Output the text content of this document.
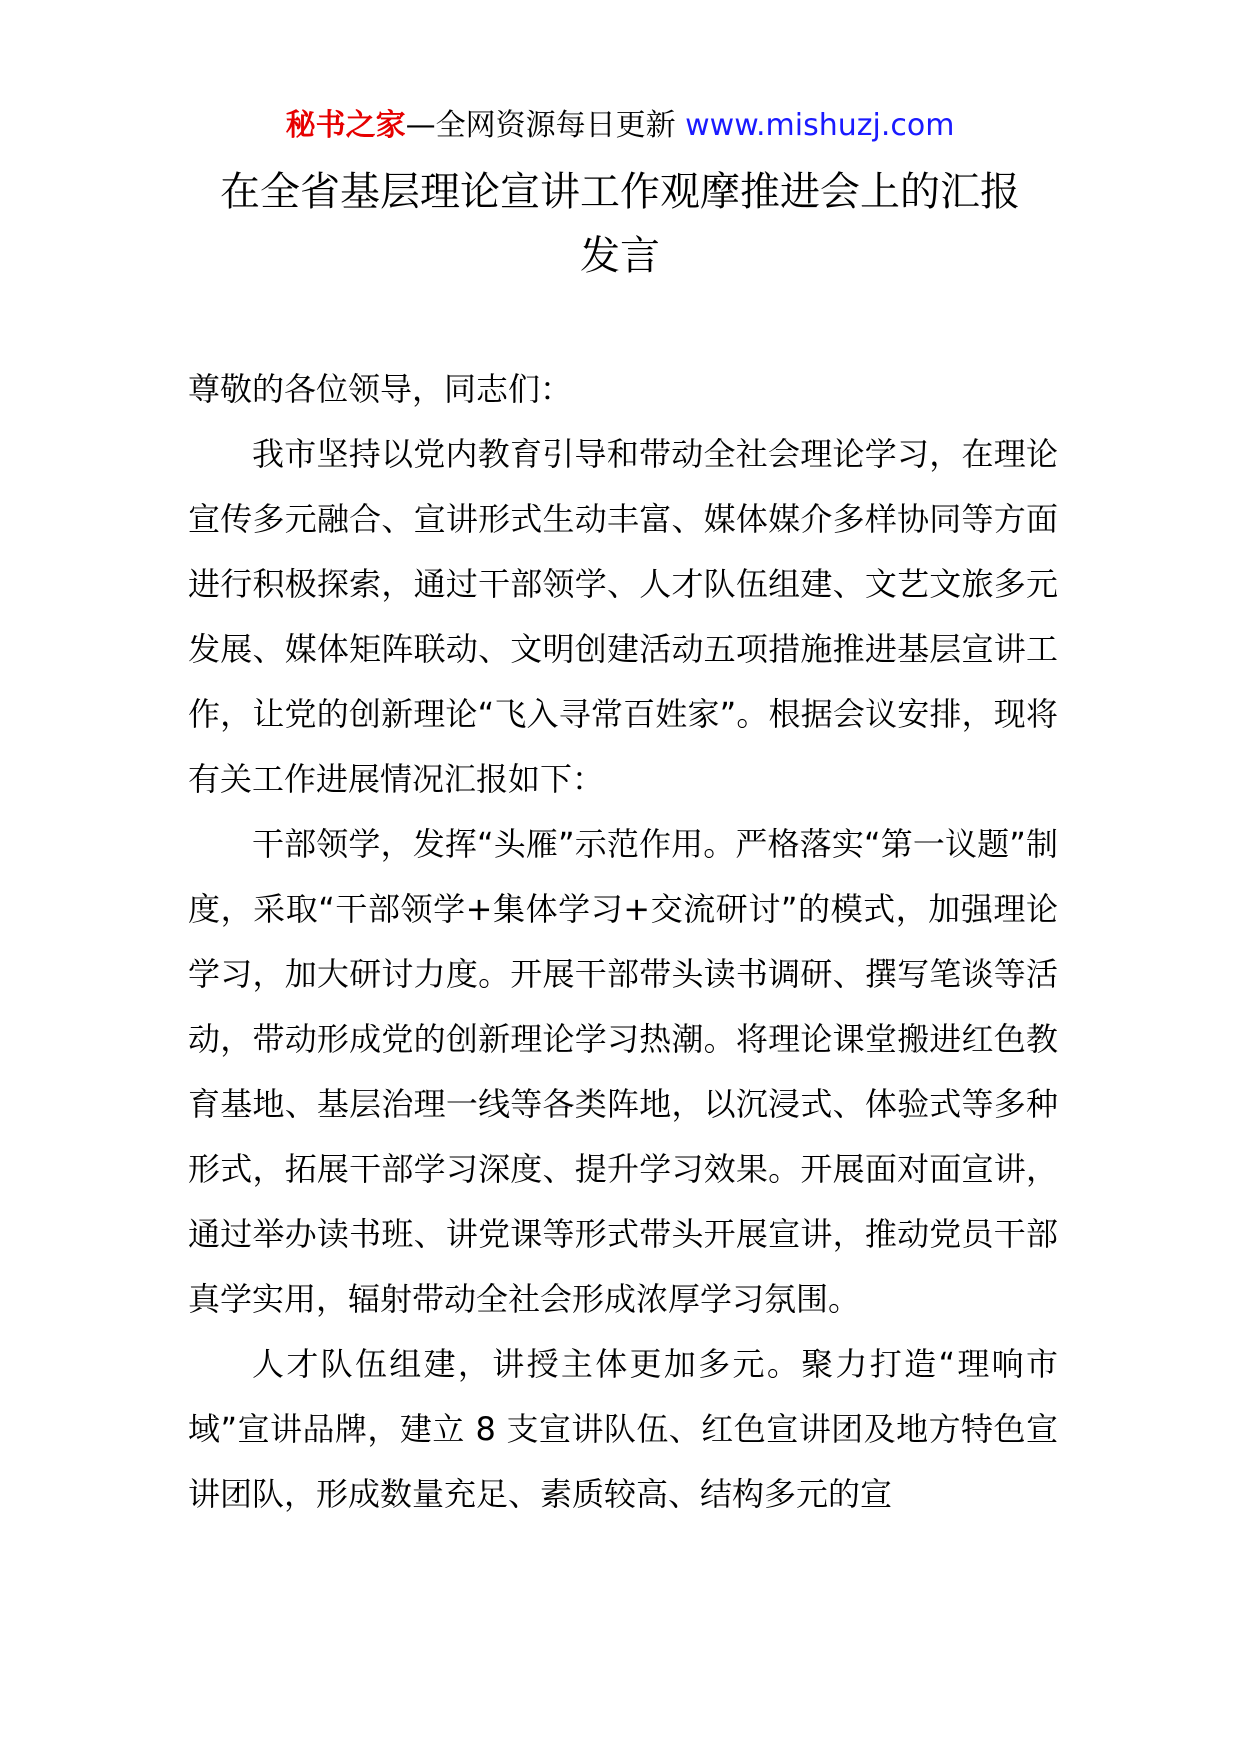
秘书之家—全网资源每日更新 www.mishuzj.com
在全省基层理论宣讲工作观摩推进会上的汇报
发言

尊敬的各位领导，同志们：

我市坚持以党内教育引导和带动全社会理论学习，在理论宣传多元融合、宣讲形式生动丰富、媒体媒介多样协同等方面进行积极探索，通过干部领学、人才队伍组建、文艺文旅多元发展、媒体矩阵联动、文明创建活动五项措施推进基层宣讲工作，让党的创新理论“飞入寻常百姓家”。根据会议安排，现将有关工作进展情况汇报如下：

干部领学，发挥“头雁”示范作用。严格落实“第一议题”制度，采取“干部领学+集体学习+交流研讨”的模式，加强理论学习，加大研讨力度。开展干部带头读书调研、撰写笔谈等活动，带动形成党的创新理论学习热潮。将理论课堂搬进红色教育基地、基层治理一线等各类阵地，以沉浸式、体验式等多种形式，拓展干部学习深度、提升学习效果。开展面对面宣讲，通过举办读书班、讲党课等形式带头开展宣讲，推动党员干部真学实用，辐射带动全社会形成浓厚学习氛围。

人才队伍组建，讲授主体更加多元。聚力打造“理响市域”宣讲品牌，建立 8 支宣讲队伍、红色宣讲团及地方特色宣讲团队，形成数量充足、素质较高、结构多元的宣
